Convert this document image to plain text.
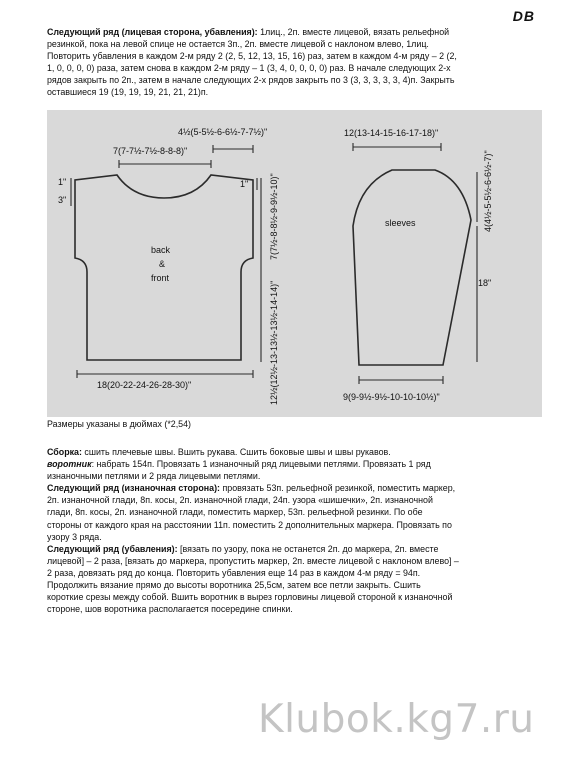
DB
Следующий ряд (лицевая сторона, убавления): 1лиц., 2п. вместе лицевой, вязать рельефной
резинкой, пока на левой спице не остается 3п., 2п. вместе лицевой с наклоном влево, 1лиц.
Повторить убавления в каждом 2-м ряду 2 (2, 5, 12, 13, 15, 16) раз, затем в каждом 4-м ряду – 2 (2,
1, 0, 0, 0, 0) раза, затем снова в каждом 2-м ряду – 1 (3, 4, 0, 0, 0, 0) раз. В начале следующих 2-х
рядов закрыть по 2п., затем в начале следующих 2-х рядов закрыть по 3 (3, 3, 3, 3, 3, 4)п. Закрыть
оставшиеся 19 (19, 19, 19, 21, 21, 21)п.
4½(5-5½-6-6½-7-7½)"
7(7-7½-7½-8-8-8)"
1"
3"
1" 7(7½-8-8½-9-9½-10)"
12½(12½-13-13½-13½-14-14)"
18(20-22-24-26-28-30)"
back
&
front
12(13-14-15-16-17-18)"
4(4½-5-5½-6-6½-7)"
18"
9(9-9½-9½-10-10-10½)"
sleeves
Размеры указаны в дюймах (*2,54)
Сборка: сшить плечевые швы. Вшить рукава. Сшить боковые швы и швы рукавов.
воротник: набрать 154п. Провязать 1 изнаночный ряд лицевыми петлями. Провязать 1 ряд
изнаночными петлями и 2 ряда лицевыми петлями.
Следующий ряд (изнаночная сторона): провязать 53п. рельефной резинкой, поместить маркер,
2п. изнаночной глади, 8п. косы, 2п. изнаночной глади, 24п. узора «шишечки», 2п. изнаночной
глади, 8п. косы, 2п. изнаночной глади, поместить маркер, 53п. рельефной резинки. По обе
стороны от каждого края на расстоянии 11п. поместить 2 дополнительных маркера. Провязать по
узору 3 ряда.
Следующий ряд (убавления): [вязать по узору, пока не останется 2п. до маркера, 2п. вместе
лицевой] – 2 раза, [вязать до маркера, пропустить маркер, 2п. вместе лицевой с наклоном влево] –
2 раза, довязать ряд до конца. Повторить убавления еще 14 раз в каждом 4-м ряду = 94п.
Продолжить вязание прямо до высоты воротника 25,5см, затем все петли закрыть. Сшить
короткие срезы между собой. Вшить воротник в вырез горловины лицевой стороной к изнаночной
стороне, шов воротника располагается посередине спинки.
Klubok.kg7.ru
